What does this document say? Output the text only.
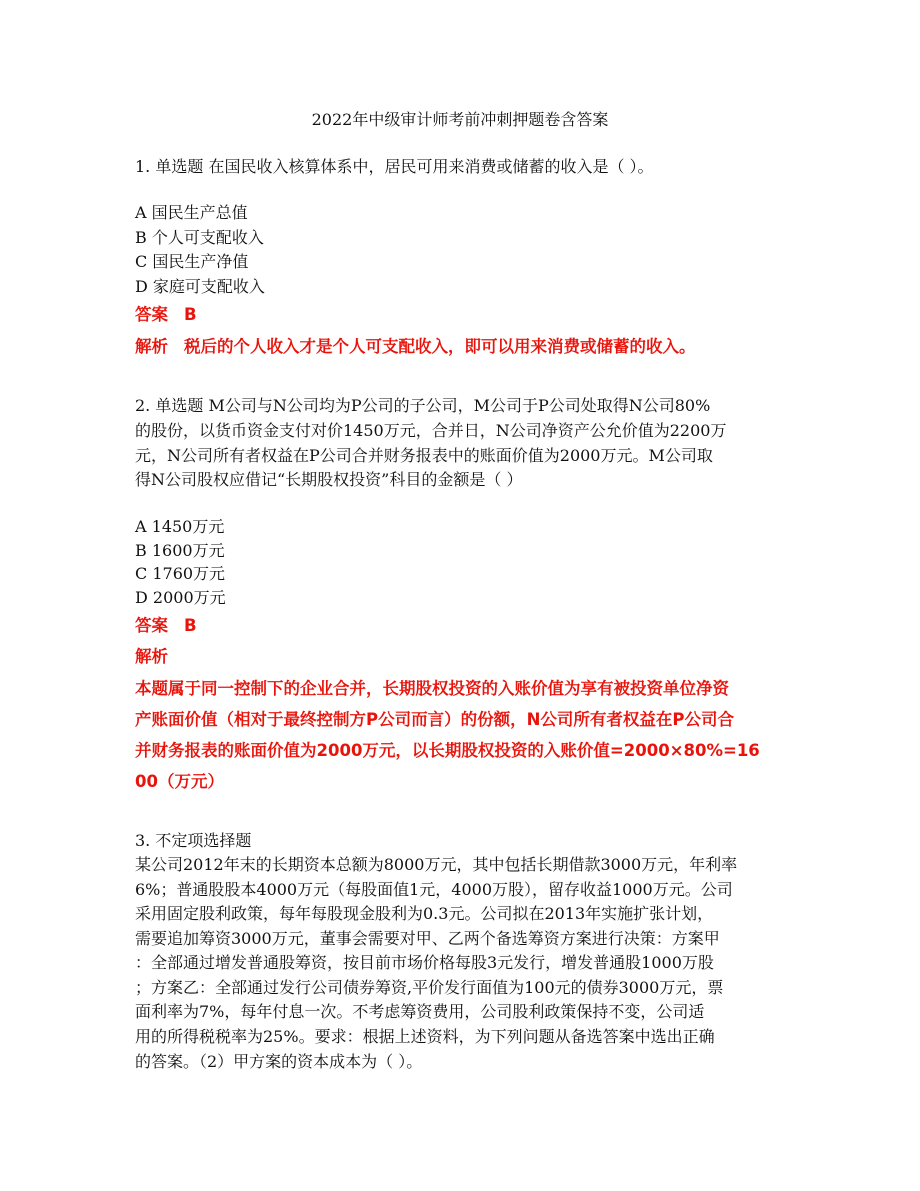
2022年中级审计师考前冲刺押题卷含答案
1. 单选题 在国民收入核算体系中，居民可用来消费或储蓄的收入是（ ）。
A 国民生产总值
B 个人可支配收入
C 国民生产净值
D 家庭可支配收入
答案 B
解析 税后的个人收入才是个人可支配收入，即可以用来消费或储蓄的收入。
2. 单选题 M公司与N公司均为P公司的子公司，M公司于P公司处取得N公司80%
的股份，以货币资金支付对价1450万元，合并日，N公司净资产公允价值为2200万
元，N公司所有者权益在P公司合并财务报表中的账面价值为2000万元。M公司取
得N公司股权应借记“长期股权投资”科目的金额是（ ）
A 1450万元
B 1600万元
C 1760万元
D 2000万元
答案 B
解析
本题属于同一控制下的企业合并，长期股权投资的入账价值为享有被投资单位净资
产账面价值（相对于最终控制方P公司而言）的份额，N公司所有者权益在P公司合
并财务报表的账面价值为2000万元，以长期股权投资的入账价值=2000×80%=16
00（万元）
3. 不定项选择题
某公司2012年末的长期资本总额为8000万元，其中包括长期借款3000万元，年利率
6%；普通股股本4000万元（每股面值1元，4000万股），留存收益1000万元。公司
采用固定股利政策，每年每股现金股利为0.3元。公司拟在2013年实施扩张计划，
需要追加筹资3000万元，董事会需要对甲、乙两个备选筹资方案进行决策：方案甲
：全部通过增发普通股筹资，按目前市场价格每股3元发行，增发普通股1000万股
；方案乙：全部通过发行公司债券筹资,平价发行面值为100元的债券3000万元，票
面利率为7%，每年付息一次。不考虑筹资费用，公司股利政策保持不变，公司适
用的所得税税率为25%。要求：根据上述资料，为下列问题从备选答案中选出正确
的答案。（2）甲方案的资本成本为（ ）。
